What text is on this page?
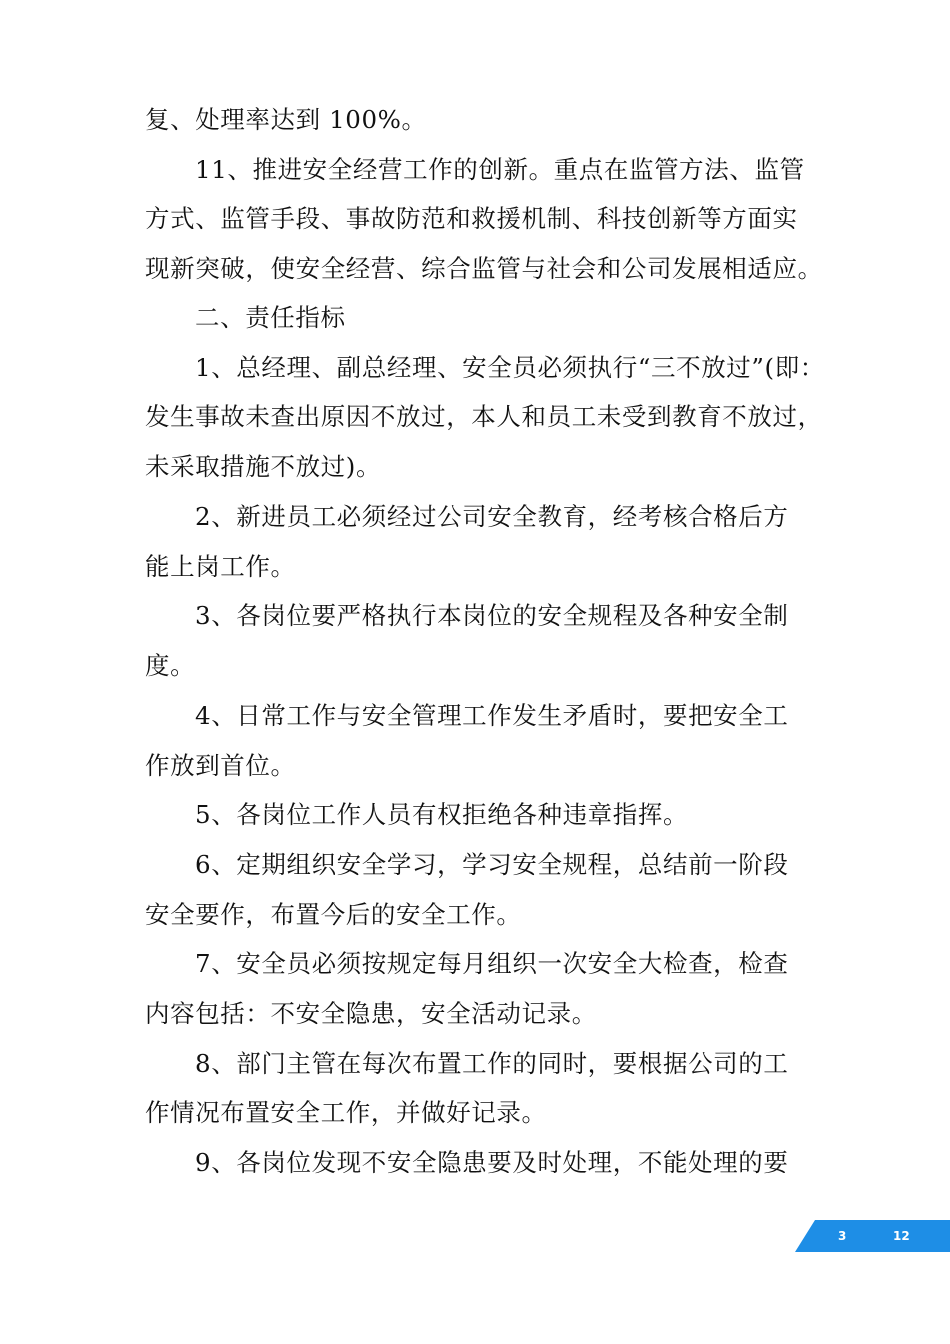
复、处理率达到 100%。
11、推进安全经营工作的创新。重点在监管方法、监管
方式、监管手段、事故防范和救援机制、科技创新等方面实
现新突破，使安全经营、综合监管与社会和公司发展相适应。
二、责任指标
1、总经理、副总经理、安全员必须执行“三不放过”(即：
发生事故未查出原因不放过，本人和员工未受到教育不放过，
未采取措施不放过)。
2、新进员工必须经过公司安全教育，经考核合格后方
能上岗工作。
3、各岗位要严格执行本岗位的安全规程及各种安全制
度。
4、日常工作与安全管理工作发生矛盾时，要把安全工
作放到首位。
5、各岗位工作人员有权拒绝各种违章指挥。
6、定期组织安全学习，学习安全规程，总结前一阶段
安全要作，布置今后的安全工作。
7、安全员必须按规定每月组织一次安全大检查，检查
内容包括：不安全隐患，安全活动记录。
8、部门主管在每次布置工作的同时，要根据公司的工
作情况布置安全工作，并做好记录。
9、各岗位发现不安全隐患要及时处理，不能处理的要
3	12
